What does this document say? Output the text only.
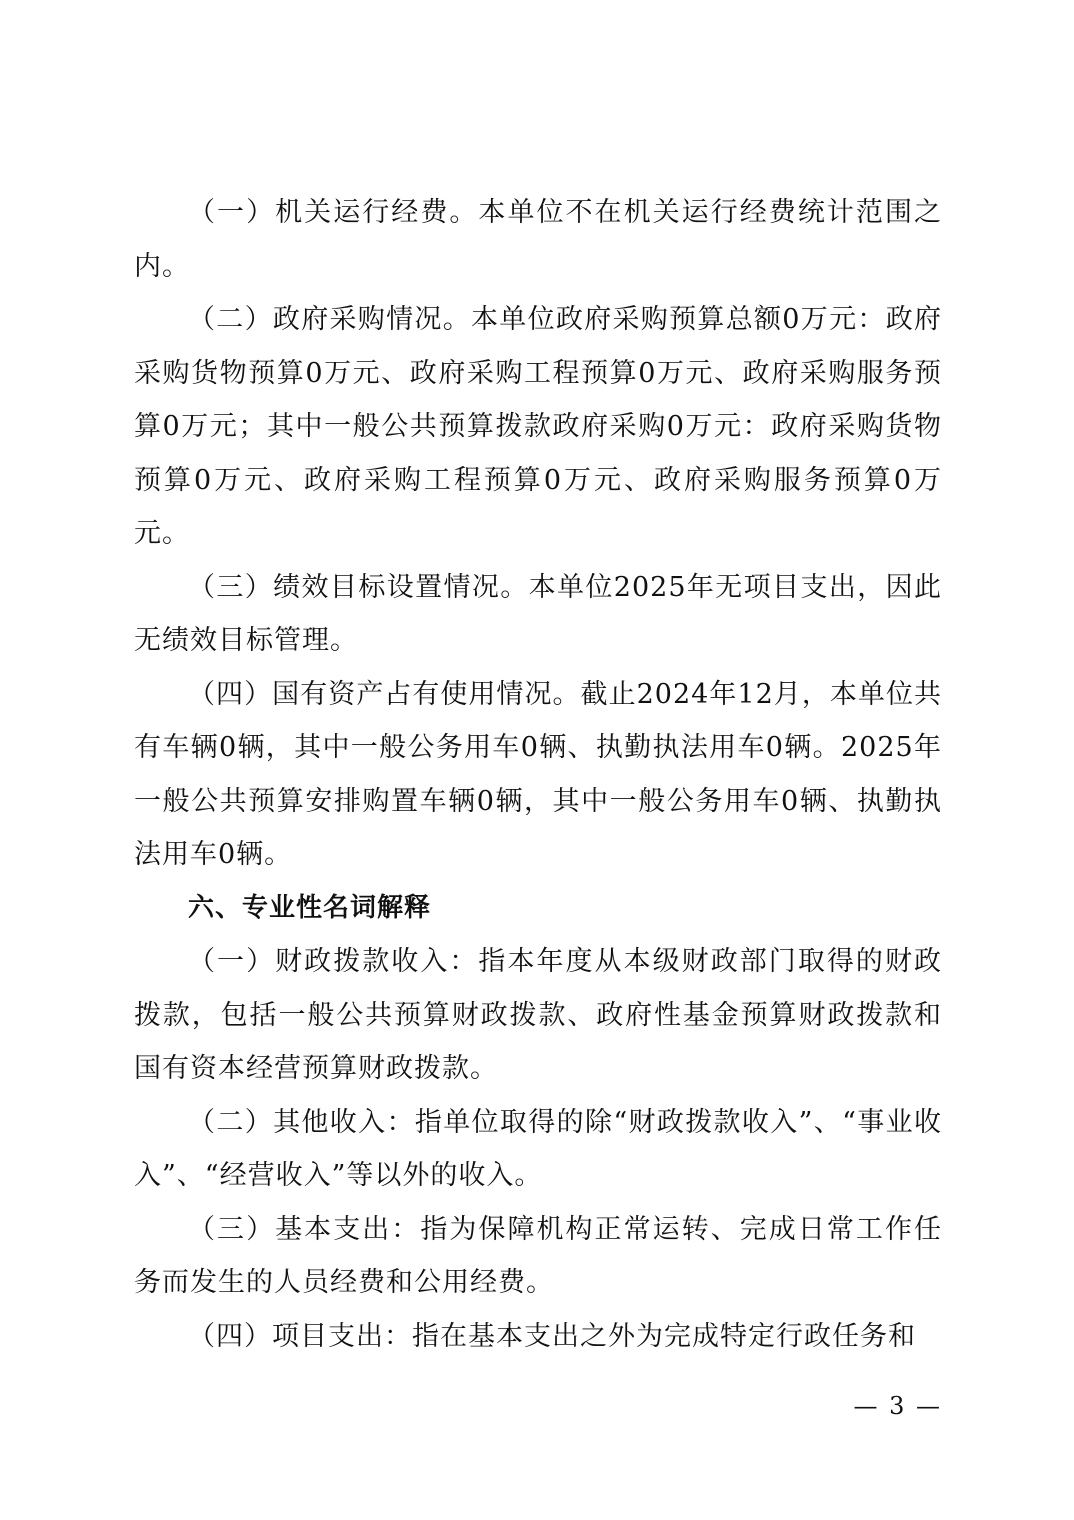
（一）机关运行经费。本单位不在机关运行经费统计范围之内。

（二）政府采购情况。本单位政府采购预算总额0万元：政府采购货物预算0万元、政府采购工程预算0万元、政府采购服务预算0万元；其中一般公共预算拨款政府采购0万元：政府采购货物预算0万元、政府采购工程预算0万元、政府采购服务预算0万元。

（三）绩效目标设置情况。本单位2025年无项目支出，因此无绩效目标管理。

（四）国有资产占有使用情况。截止2024年12月，本单位共有车辆0辆，其中一般公务用车0辆、执勤执法用车0辆。2025年一般公共预算安排购置车辆0辆，其中一般公务用车0辆、执勤执法用车0辆。

六、专业性名词解释

（一）财政拨款收入：指本年度从本级财政部门取得的财政拨款，包括一般公共预算财政拨款、政府性基金预算财政拨款和国有资本经营预算财政拨款。

（二）其他收入：指单位取得的除“财政拨款收入”、“事业收入”、“经营收入”等以外的收入。

（三）基本支出：指为保障机构正常运转、完成日常工作任务而发生的人员经费和公用经费。

（四）项目支出：指在基本支出之外为完成特定行政任务和

— 3 —
